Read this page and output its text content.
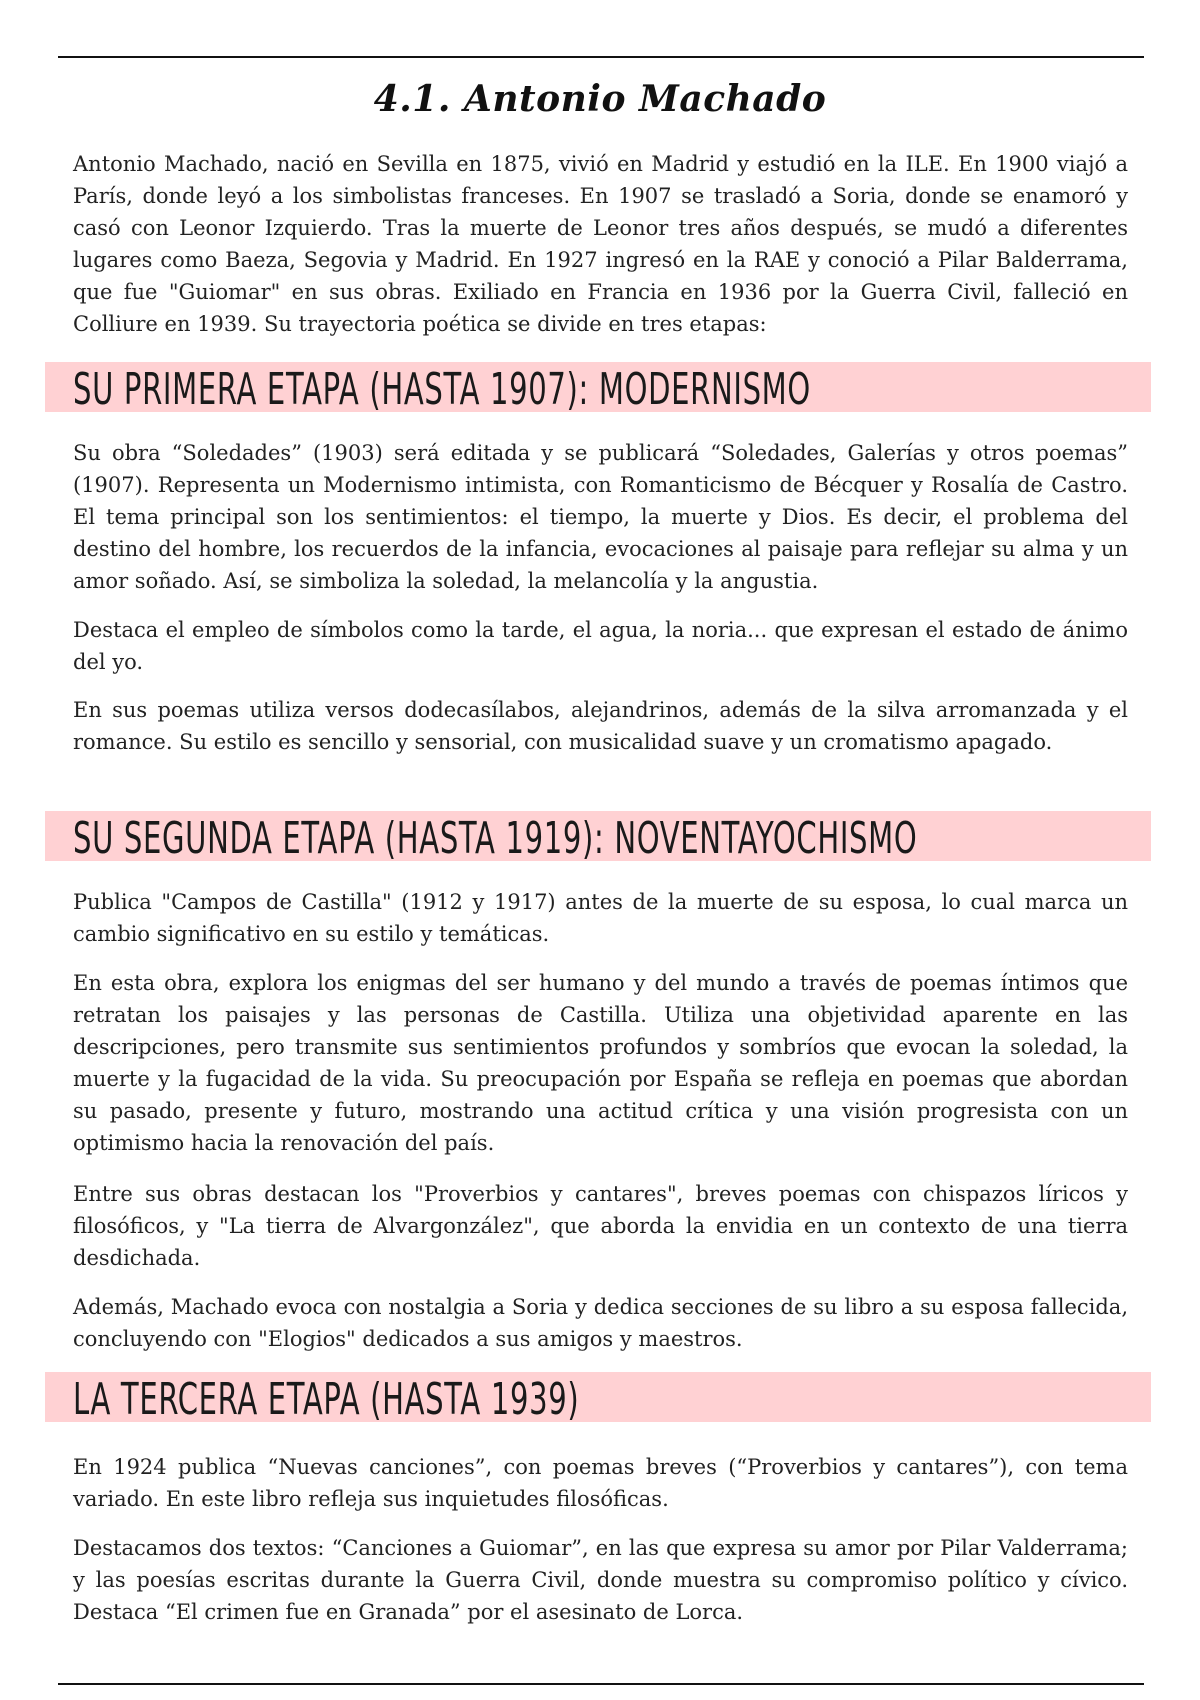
4.1. Antonio Machado

Antonio Machado, nació en Sevilla en 1875, vivió en Madrid y estudió en la ILE. En 1900 viajó a París, donde leyó a los simbolistas franceses. En 1907 se trasladó a Soria, donde se enamoró y casó con Leonor Izquierdo. Tras la muerte de Leonor tres años después, se mudó a diferentes lugares como Baeza, Segovia y Madrid. En 1927 ingresó en la RAE y conoció a Pilar Balderrama, que fue "Guiomar" en sus obras. Exiliado en Francia en 1936 por la Guerra Civil, falleció en Colliure en 1939. Su trayectoria poética se divide en tres etapas:

SU PRIMERA ETAPA (HASTA 1907): MODERNISMO

Su obra “Soledades” (1903) será editada y se publicará “Soledades, Galerías y otros poemas” (1907). Representa un Modernismo intimista, con Romanticismo de Bécquer y Rosalía de Castro. El tema principal son los sentimientos: el tiempo, la muerte y Dios. Es decir, el problema del destino del hombre, los recuerdos de la infancia, evocaciones al paisaje para reflejar su alma y un amor soñado. Así, se simboliza la soledad, la melancolía y la angustia.

Destaca el empleo de símbolos como la tarde, el agua, la noria... que expresan el estado de ánimo del yo.

En sus poemas utiliza versos dodecasílabos, alejandrinos, además de la silva arromanzada y el romance. Su estilo es sencillo y sensorial, con musicalidad suave y un cromatismo apagado.

SU SEGUNDA ETAPA (HASTA 1919): NOVENTAYOCHISMO

Publica "Campos de Castilla" (1912 y 1917) antes de la muerte de su esposa, lo cual marca un cambio significativo en su estilo y temáticas.

En esta obra, explora los enigmas del ser humano y del mundo a través de poemas íntimos que retratan los paisajes y las personas de Castilla. Utiliza una objetividad aparente en las descripciones, pero transmite sus sentimientos profundos y sombríos que evocan la soledad, la muerte y la fugacidad de la vida. Su preocupación por España se refleja en poemas que abordan su pasado, presente y futuro, mostrando una actitud crítica y una visión progresista con un optimismo hacia la renovación del país.

Entre sus obras destacan los "Proverbios y cantares", breves poemas con chispazos líricos y filosóficos, y "La tierra de Alvargonzález", que aborda la envidia en un contexto de una tierra desdichada.

Además, Machado evoca con nostalgia a Soria y dedica secciones de su libro a su esposa fallecida, concluyendo con "Elogios" dedicados a sus amigos y maestros.

LA TERCERA ETAPA (HASTA 1939)

En 1924 publica “Nuevas canciones”, con poemas breves (“Proverbios y cantares”), con tema variado. En este libro refleja sus inquietudes filosóficas.

Destacamos dos textos: “Canciones a Guiomar”, en las que expresa su amor por Pilar Valderrama; y las poesías escritas durante la Guerra Civil, donde muestra su compromiso político y cívico. Destaca “El crimen fue en Granada” por el asesinato de Lorca.
